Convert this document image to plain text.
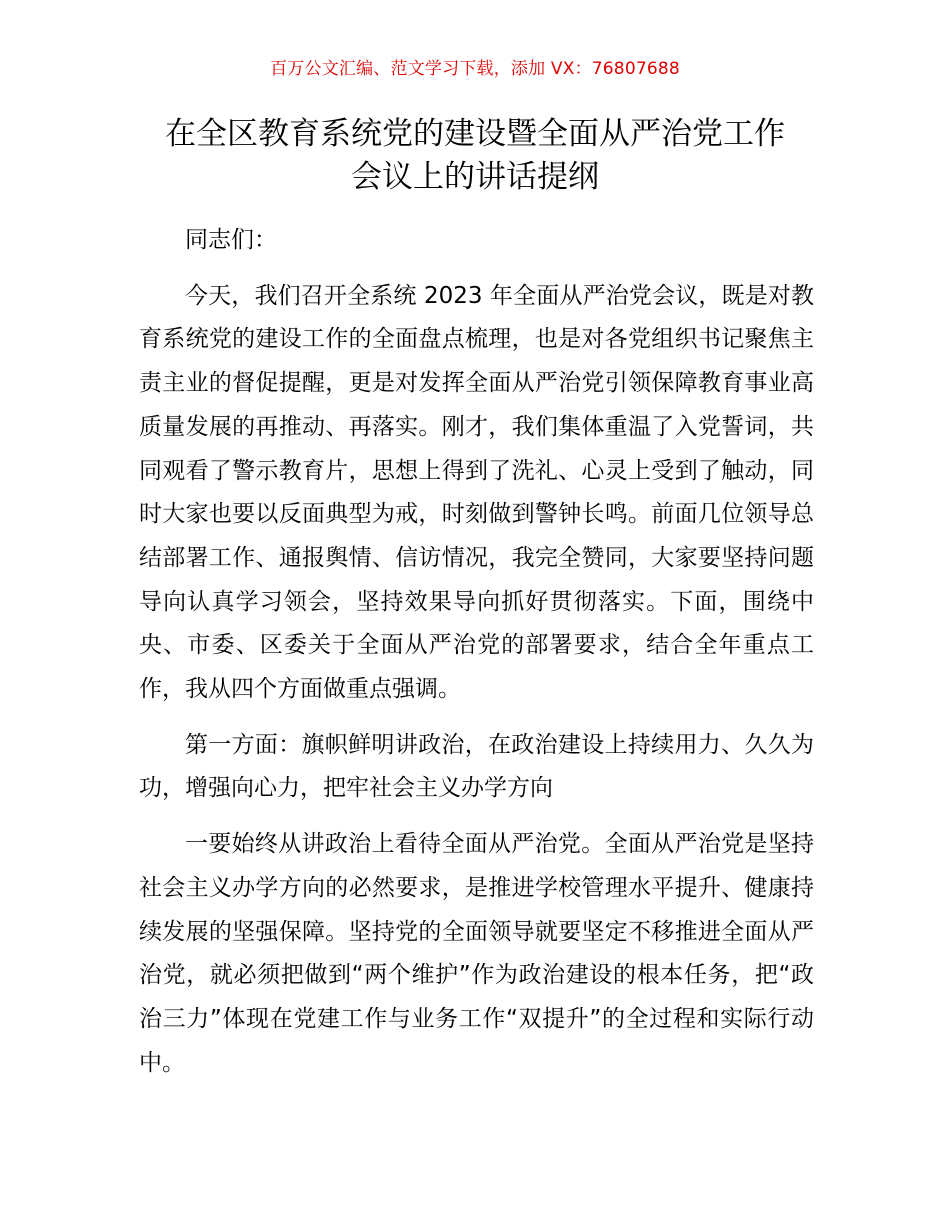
百万公文汇编、范文学习下载，添加 VX：76807688
在全区教育系统党的建设暨全面从严治党工作
会议上的讲话提纲

同志们：

今天，我们召开全系统 2023 年全面从严治党会议，既是对教育系统党的建设工作的全面盘点梳理，也是对各党组织书记聚焦主责主业的督促提醒，更是对发挥全面从严治党引领保障教育事业高质量发展的再推动、再落实。刚才，我们集体重温了入党誓词，共同观看了警示教育片，思想上得到了洗礼、心灵上受到了触动，同时大家也要以反面典型为戒，时刻做到警钟长鸣。前面几位领导总结部署工作、通报舆情、信访情况，我完全赞同，大家要坚持问题导向认真学习领会，坚持效果导向抓好贯彻落实。下面，围绕中央、市委、区委关于全面从严治党的部署要求，结合全年重点工作，我从四个方面做重点强调。

第一方面：旗帜鲜明讲政治，在政治建设上持续用力、久久为功，增强向心力，把牢社会主义办学方向

一要始终从讲政治上看待全面从严治党。全面从严治党是坚持社会主义办学方向的必然要求，是推进学校管理水平提升、健康持续发展的坚强保障。坚持党的全面领导就要坚定不移推进全面从严治党，就必须把做到“两个维护”作为政治建设的根本任务，把“政治三力”体现在党建工作与业务工作“双提升”的全过程和实际行动中。
